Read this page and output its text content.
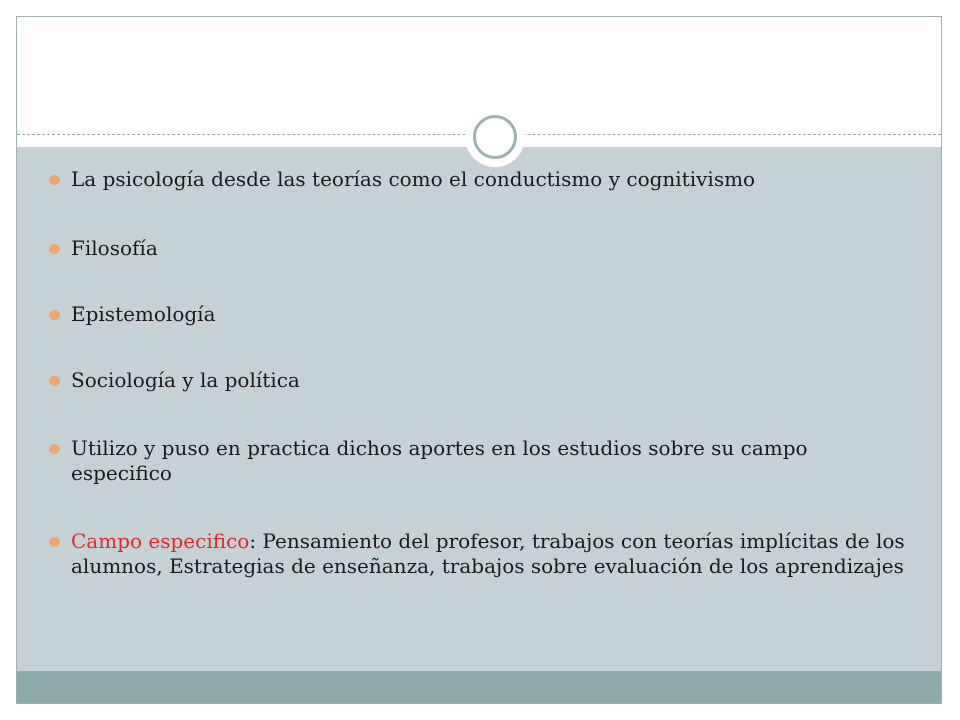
La psicología desde las teorías como el conductismo y cognitivismo
Filosofía
Epistemología
Sociología y la política
Utilizo y puso en practica dichos aportes en los estudios sobre su campo especifico
Campo especifico: Pensamiento del profesor, trabajos con teorías implícitas de los alumnos, Estrategias de enseñanza, trabajos sobre evaluación de los aprendizajes
